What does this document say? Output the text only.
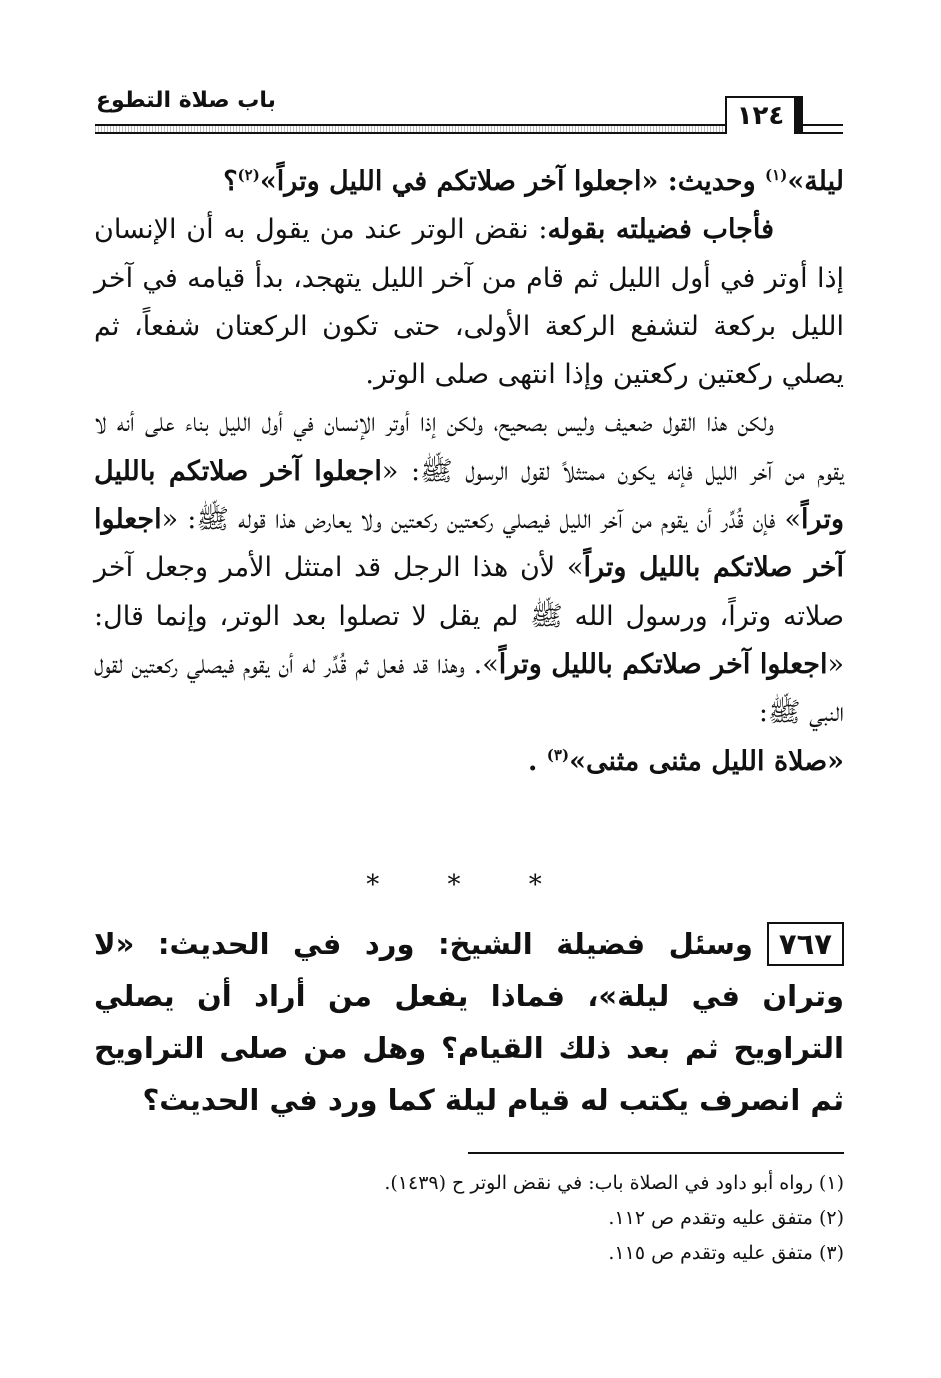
باب صلاة التطوع
١٢٤

ليلة»$^{(١)}$ وحديث: «اجعلوا آخر صلاتكم في الليل وتراً»$^{(٢)}$؟

فأجاب فضيلته بقوله: نقض الوتر عند من يقول به أن الإنسان إذا أوتر في أول الليل ثم قام من آخر الليل يتهجد، بدأ قيامه في آخر الليل بركعة لتشفع الركعة الأولى، حتى تكون الركعتان شفعاً، ثم يصلي ركعتين ركعتين وإذا انتهى صلى الوتر.

ولكن هذا القول ضعيف وليس بصحيح، ولكن إذا أوتر الإنسان في أول الليل بناء على أنه لا يقوم من آخر الليل فإنه يكون ممتثلاً لقول الرسول ﷺ: «اجعلوا آخر صلاتكم بالليل وتراً» فإن قُدِّر أن يقوم من آخر الليل فيصلي ركعتين ركعتين ولا يعارض هذا قوله ﷺ: «اجعلوا آخر صلاتكم بالليل وتراً» لأن هذا الرجل قد امتثل الأمر وجعل آخر صلاته وتراً، ورسول الله ﷺ لم يقل لا تصلوا بعد الوتر، وإنما قال: «اجعلوا آخر صلاتكم بالليل وتراً». وهذا قد فعل ثم قُدِّر له أن يقوم فيصلي ركعتين لقول النبي ﷺ:

«صلاة الليل مثنى مثنى»$^{(٣)}$ .

* * *

٧٦٧وسئل فضيلة الشيخ: ورد في الحديث: «لا وتران في ليلة»، فماذا يفعل من أراد أن يصلي التراويح ثم بعد ذلك القيام؟ وهل من صلى التراويح ثم انصرف يكتب له قيام ليلة كما ورد في الحديث؟

(١) رواه أبو داود في الصلاة باب: في نقض الوتر ح (١٤٣٩).
(٢) متفق عليه وتقدم ص ١١٢.
(٣) متفق عليه وتقدم ص ١١٥.
